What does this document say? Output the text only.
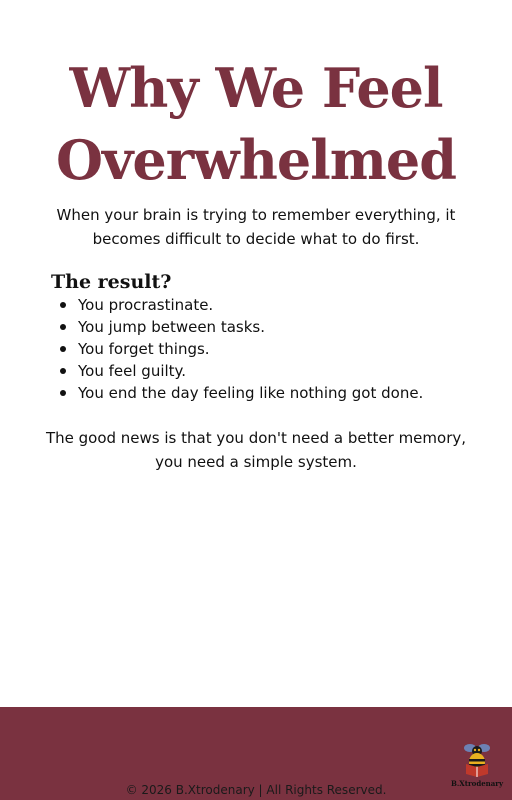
Why We Feel
Overwhelmed

When your brain is trying to remember everything, it becomes difficult to decide what to do first.

The result?
You procrastinate.
You jump between tasks.
You forget things.
You feel guilty.
You end the day feeling like nothing got done.

The good news is that you don't need a better memory, you need a simple system.

B.Xtrodenary
© 2026 B.Xtrodenary | All Rights Reserved.
